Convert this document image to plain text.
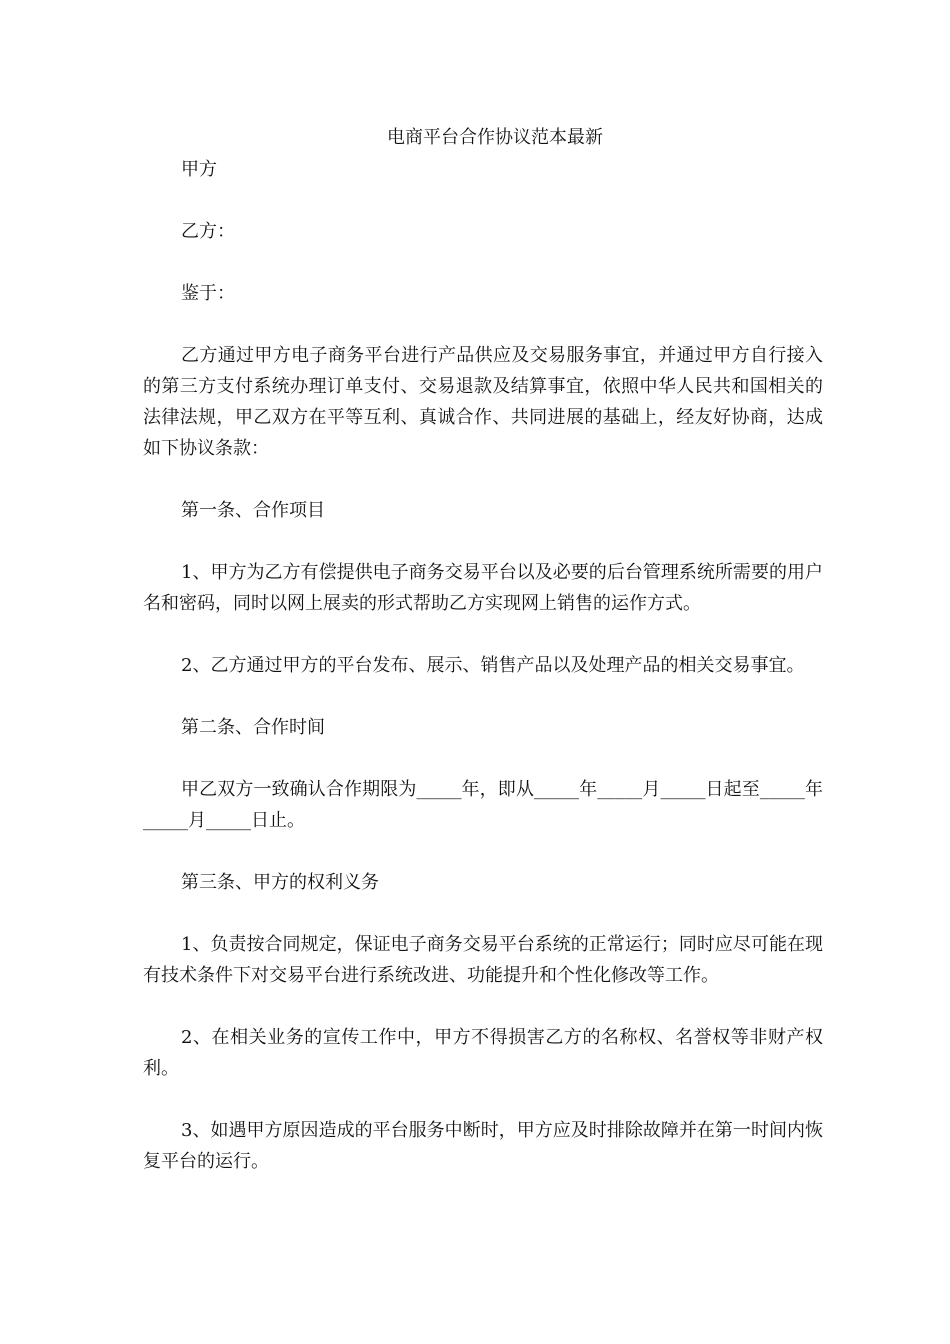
电商平台合作协议范本最新

甲方

乙方：

鉴于：

乙方通过甲方电子商务平台进行产品供应及交易服务事宜，并通过甲方自行接入的第三方支付系统办理订单支付、交易退款及结算事宜，依照中华人民共和国相关的法律法规，甲乙双方在平等互利、真诚合作、共同进展的基础上，经友好协商，达成如下协议条款：

第一条、合作项目

1、甲方为乙方有偿提供电子商务交易平台以及必要的后台管理系统所需要的用户名和密码，同时以网上展卖的形式帮助乙方实现网上销售的运作方式。

2、乙方通过甲方的平台发布、展示、销售产品以及处理产品的相关交易事宜。

第二条、合作时间

甲乙双方一致确认合作期限为_____年，即从_____年_____月_____日起至_____年_____月_____日止。

第三条、甲方的权利义务

1、负责按合同规定，保证电子商务交易平台系统的正常运行；同时应尽可能在现有技术条件下对交易平台进行系统改进、功能提升和个性化修改等工作。

2、在相关业务的宣传工作中，甲方不得损害乙方的名称权、名誉权等非财产权利。

3、如遇甲方原因造成的平台服务中断时，甲方应及时排除故障并在第一时间内恢复平台的运行。
